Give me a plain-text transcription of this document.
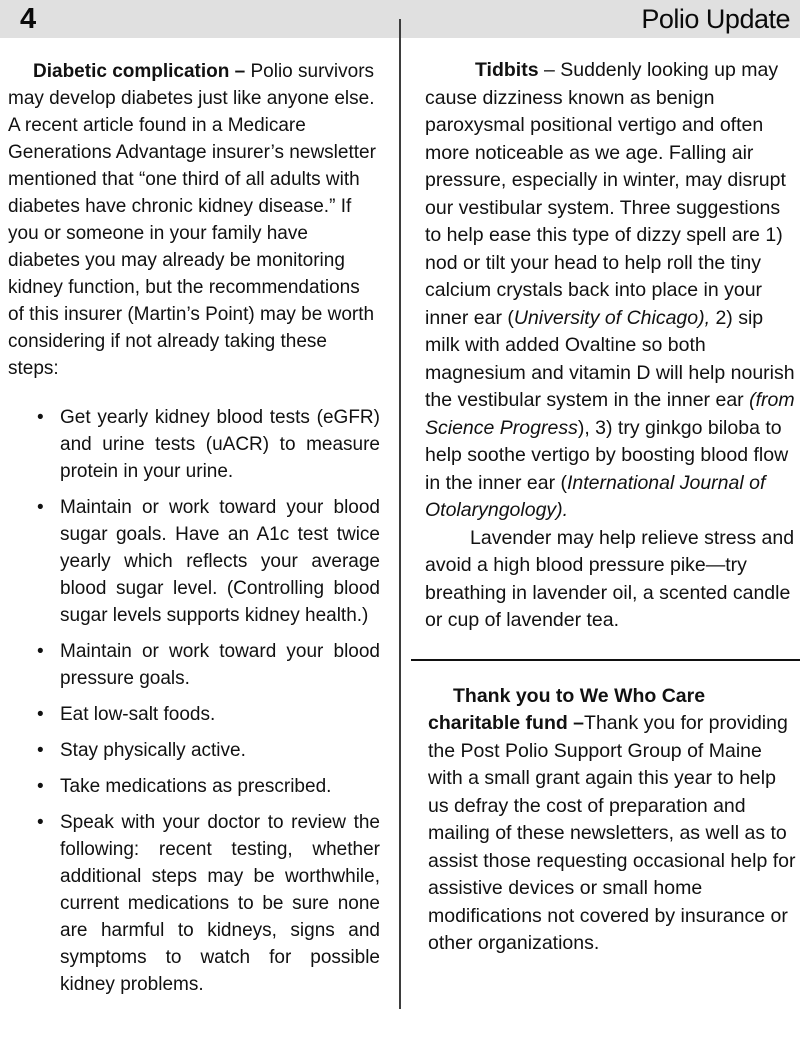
4	Polio Update

Diabetic complication – Polio survivors may develop diabetes just like anyone else. A recent article found in a Medicare Generations Advantage insurer’s newsletter mentioned that “one third of all adults with diabetes have chronic kidney disease.” If you or someone in your family have diabetes you may already be monitoring kidney function, but the recommendations of this insurer (Martin’s Point) may be worth considering if not already taking these steps:

• Get yearly kidney blood tests (eGFR) and urine tests (uACR) to measure protein in your urine.
• Maintain or work toward your blood sugar goals. Have an A1c test twice yearly which reflects your average blood sugar level. (Controlling blood sugar levels supports kidney health.)
• Maintain or work toward your blood pressure goals.
• Eat low-salt foods.
• Stay physically active.
• Take medications as prescribed.
• Speak with your doctor to review the following: recent testing, whether additional steps may be worthwhile, current medications to be sure none are harmful to kidneys, signs and symptoms to watch for possible kidney problems.

Tidbits – Suddenly looking up may cause dizziness known as benign paroxysmal positional vertigo and often more noticeable as we age. Falling air pressure, especially in winter, may disrupt our vestibular system. Three suggestions to help ease this type of dizzy spell are 1) nod or tilt your head to help roll the tiny calcium crystals back into place in your inner ear (University of Chicago), 2) sip milk with added Ovaltine so both magnesium and vitamin D will help nourish the vestibular system in the inner ear (from Science Progress), 3) try ginkgo biloba to help soothe vertigo by boosting blood flow in the inner ear (International Journal of Otolaryngology).

Lavender may help relieve stress and avoid a high blood pressure pike—try breathing in lavender oil, a scented candle or cup of lavender tea.

Thank you to We Who Care charitable fund –Thank you for providing the Post Polio Support Group of Maine with a small grant again this year to help us defray the cost of preparation and mailing of these newsletters, as well as to assist those requesting occasional help for assistive devices or small home modifications not covered by insurance or other organizations.
